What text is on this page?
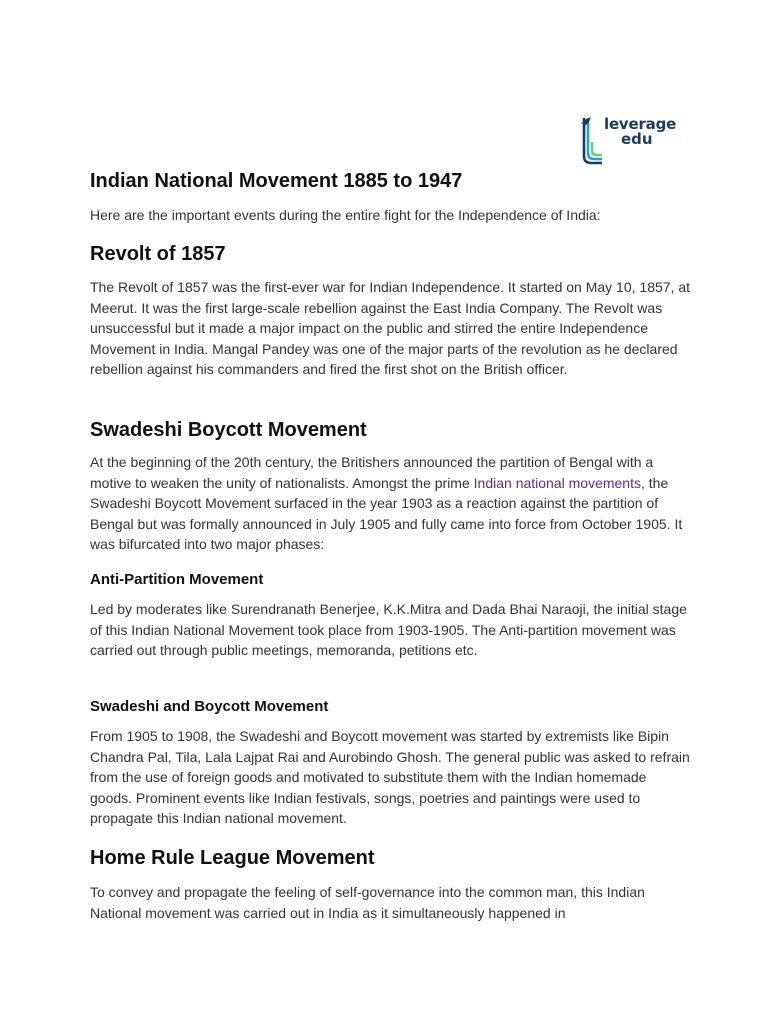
leverage
edu
Indian National Movement 1885 to 1947

Here are the important events during the entire fight for the Independence of India:

Revolt of 1857

The Revolt of 1857 was the first-ever war for Indian Independence. It started on May 10, 1857, at Meerut. It was the first large-scale rebellion against the East India Company. The Revolt was unsuccessful but it made a major impact on the public and stirred the entire Independence Movement in India. Mangal Pandey was one of the major parts of the revolution as he declared rebellion against his commanders and fired the first shot on the British officer.

Swadeshi Boycott Movement

At the beginning of the 20th century, the Britishers announced the partition of Bengal with a motive to weaken the unity of nationalists. Amongst the prime Indian national movements, the Swadeshi Boycott Movement surfaced in the year 1903 as a reaction against the partition of Bengal but was formally announced in July 1905 and fully came into force from October 1905. It was bifurcated into two major phases:

Anti-Partition Movement

Led by moderates like Surendranath Benerjee, K.K.Mitra and Dada Bhai Naraoji, the initial stage of this Indian National Movement took place from 1903-1905. The Anti-partition movement was carried out through public meetings, memoranda, petitions etc.

Swadeshi and Boycott Movement

From 1905 to 1908, the Swadeshi and Boycott movement was started by extremists like Bipin Chandra Pal, Tila, Lala Lajpat Rai and Aurobindo Ghosh. The general public was asked to refrain from the use of foreign goods and motivated to substitute them with the Indian homemade goods. Prominent events like Indian festivals, songs, poetries and paintings were used to propagate this Indian national movement.

Home Rule League Movement

To convey and propagate the feeling of self-governance into the common man, this Indian National movement was carried out in India as it simultaneously happened in
